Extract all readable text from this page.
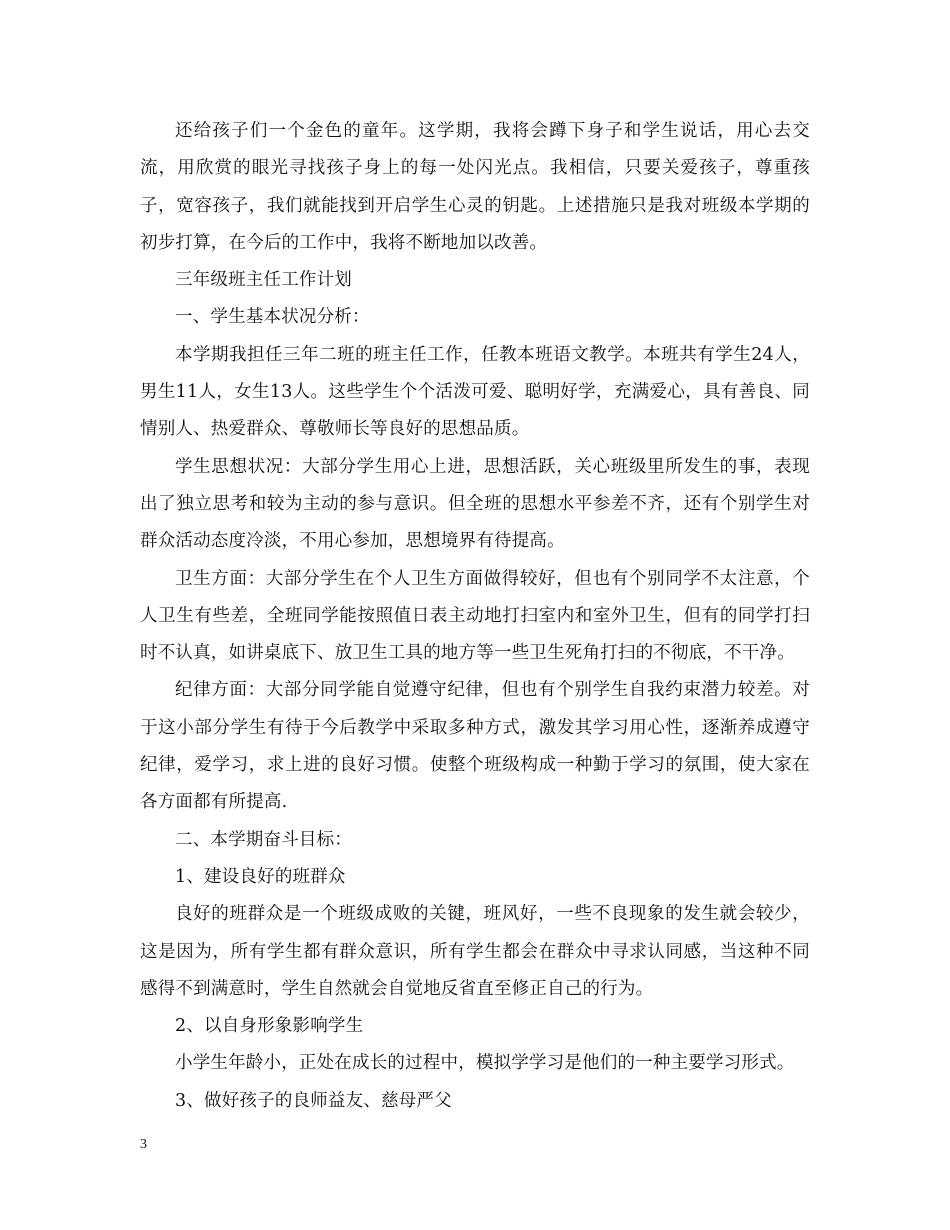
还给孩子们一个金色的童年。这学期，我将会蹲下身子和学生说话，用心去交流，用欣赏的眼光寻找孩子身上的每一处闪光点。我相信，只要关爱孩子，尊重孩子，宽容孩子，我们就能找到开启学生心灵的钥匙。上述措施只是我对班级本学期的初步打算，在今后的工作中，我将不断地加以改善。

三年级班主任工作计划

一、学生基本状况分析：

本学期我担任三年二班的班主任工作，任教本班语文教学。本班共有学生24人，男生11人，女生13人。这些学生个个活泼可爱、聪明好学，充满爱心，具有善良、同情别人、热爱群众、尊敬师长等良好的思想品质。

学生思想状况：大部分学生用心上进，思想活跃，关心班级里所发生的事，表现出了独立思考和较为主动的参与意识。但全班的思想水平参差不齐，还有个别学生对群众活动态度冷淡，不用心参加，思想境界有待提高。

卫生方面：大部分学生在个人卫生方面做得较好，但也有个别同学不太注意，个人卫生有些差，全班同学能按照值日表主动地打扫室内和室外卫生，但有的同学打扫时不认真，如讲桌底下、放卫生工具的地方等一些卫生死角打扫的不彻底，不干净。

纪律方面：大部分同学能自觉遵守纪律，但也有个别学生自我约束潜力较差。对于这小部分学生有待于今后教学中采取多种方式，激发其学习用心性，逐渐养成遵守纪律，爱学习，求上进的良好习惯。使整个班级构成一种勤于学习的氛围，使大家在各方面都有所提高.

二、本学期奋斗目标：

1、建设良好的班群众

良好的班群众是一个班级成败的关键，班风好，一些不良现象的发生就会较少，这是因为，所有学生都有群众意识，所有学生都会在群众中寻求认同感，当这种不同感得不到满意时，学生自然就会自觉地反省直至修正自己的行为。

2、以自身形象影响学生

小学生年龄小，正处在成长的过程中，模拟学学习是他们的一种主要学习形式。

3、做好孩子的良师益友、慈母严父

3
